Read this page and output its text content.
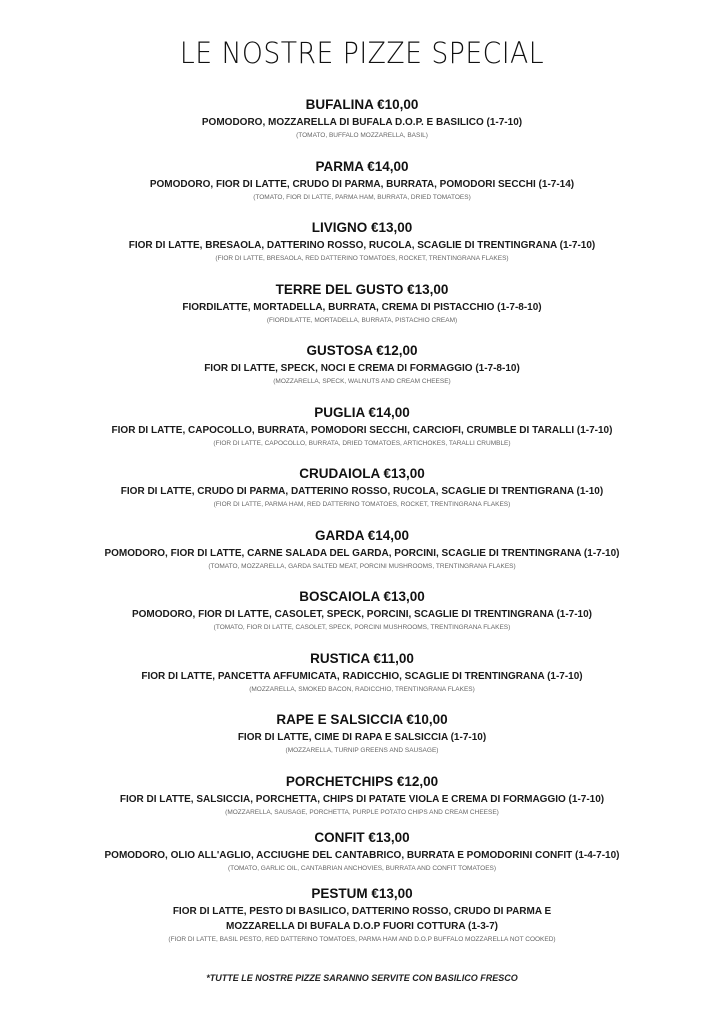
LE NOSTRE PIZZE SPECIAL
BUFALINA €10,00
POMODORO, MOZZARELLA DI BUFALA D.O.P. E BASILICO (1-7-10)
(TOMATO, BUFFALO MOZZARELLA, BASIL)
PARMA €14,00
POMODORO, FIOR DI LATTE, CRUDO DI PARMA, BURRATA, POMODORI SECCHI (1-7-14)
(TOMATO, FIOR DI LATTE, PARMA HAM, BURRATA, DRIED TOMATOES)
LIVIGNO €13,00
FIOR DI LATTE, BRESAOLA, DATTERINO ROSSO, RUCOLA, SCAGLIE DI TRENTINGRANA (1-7-10)
(FIOR DI LATTE, BRESAOLA, RED DATTERINO TOMATOES, ROCKET, TRENTINGRANA FLAKES)
TERRE DEL GUSTO €13,00
FIORDILATTE, MORTADELLA, BURRATA, CREMA DI PISTACCHIO (1-7-8-10)
(FIORDILATTE, MORTADELLA, BURRATA, PISTACHIO CREAM)
GUSTOSA €12,00
FIOR DI LATTE, SPECK, NOCI E CREMA DI FORMAGGIO (1-7-8-10)
(MOZZARELLA, SPECK, WALNUTS AND CREAM CHEESE)
PUGLIA €14,00
FIOR DI LATTE, CAPOCOLLO, BURRATA, POMODORI SECCHI, CARCIOFI, CRUMBLE DI TARALLI (1-7-10)
(FIOR DI LATTE, CAPOCOLLO, BURRATA, DRIED TOMATOES, ARTICHOKES, TARALLI CRUMBLE)
CRUDAIOLA €13,00
FIOR DI LATTE, CRUDO DI PARMA, DATTERINO ROSSO, RUCOLA, SCAGLIE DI TRENTIGRANA (1-10)
(FIOR DI LATTE, PARMA HAM, RED DATTERINO TOMATOES, ROCKET, TRENTINGRANA FLAKES)
GARDA €14,00
POMODORO, FIOR DI LATTE, CARNE SALADA DEL GARDA, PORCINI, SCAGLIE DI TRENTINGRANA (1-7-10)
(TOMATO, MOZZARELLA, GARDA SALTED MEAT, PORCINI MUSHROOMS, TRENTINGRANA FLAKES)
BOSCAIOLA €13,00
POMODORO, FIOR DI LATTE, CASOLET, SPECK, PORCINI, SCAGLIE DI TRENTINGRANA (1-7-10)
(TOMATO, FIOR DI LATTE, CASOLET, SPECK, PORCINI MUSHROOMS, TRENTINGRANA FLAKES)
RUSTICA €11,00
FIOR DI LATTE, PANCETTA AFFUMICATA, RADICCHIO, SCAGLIE DI TRENTINGRANA (1-7-10)
(MOZZARELLA, SMOKED BACON, RADICCHIO, TRENTINGRANA FLAKES)
RAPE E SALSICCIA €10,00
FIOR DI LATTE, CIME DI RAPA E SALSICCIA (1-7-10)
(MOZZARELLA, TURNIP GREENS AND SAUSAGE)
PORCHETCHIPS €12,00
FIOR DI LATTE, SALSICCIA, PORCHETTA, CHIPS DI PATATE VIOLA E CREMA DI FORMAGGIO (1-7-10)
(MOZZARELLA, SAUSAGE, PORCHETTA, PURPLE POTATO CHIPS AND CREAM CHEESE)
CONFIT €13,00
POMODORO, OLIO ALL'AGLIO, ACCIUGHE DEL CANTABRICO, BURRATA E POMODORINI CONFIT (1-4-7-10)
(TOMATO, GARLIC OIL, CANTABRIAN ANCHOVIES, BURRATA AND CONFIT TOMATOES)
PESTUM €13,00
FIOR DI LATTE, PESTO DI BASILICO, DATTERINO ROSSO, CRUDO DI PARMA E
MOZZARELLA DI BUFALA D.O.P FUORI COTTURA (1-3-7)
(FIOR DI LATTE, BASIL PESTO, RED DATTERINO TOMATOES, PARMA HAM AND D.O.P BUFFALO MOZZARELLA NOT COOKED)
*TUTTE LE NOSTRE PIZZE SARANNO SERVITE CON BASILICO FRESCO
